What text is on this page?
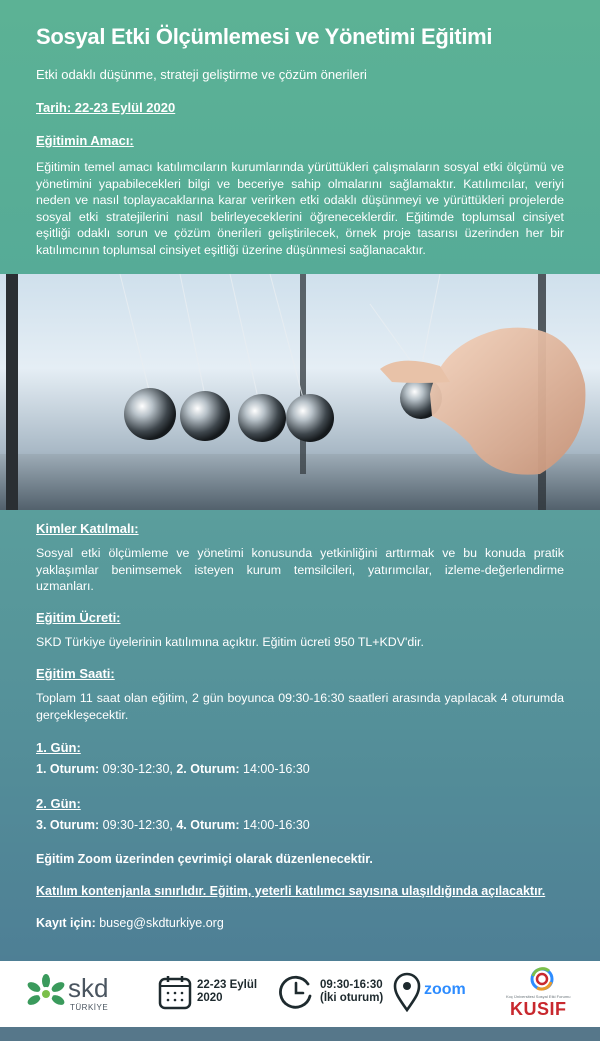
Sosyal Etki Ölçümlemesi ve Yönetimi Eğitimi
Etki odaklı düşünme, strateji geliştirme ve çözüm önerileri
Tarih: 22-23 Eylül 2020
Eğitimin Amacı:
Eğitimin temel amacı katılımcıların kurumlarında yürüttükleri çalışmaların sosyal etki ölçümü ve yönetimini yapabilecekleri bilgi ve beceriye sahip olmalarını sağlamaktır. Katılımcılar, veriyi neden ve nasıl toplayacaklarına karar verirken etki odaklı düşünmeyi ve yürüttükleri projelerde sosyal etki stratejilerini nasıl belirleyeceklerini öğreneceklerdir. Eğitimde toplumsal cinsiyet eşitliği odaklı sorun ve çözüm önerileri geliştirilecek, örnek proje tasarısı üzerinden her bir katılımcının toplumsal cinsiyet eşitliği üzerine düşünmesi sağlanacaktır.
Kimler Katılmalı:
Sosyal etki ölçümleme ve yönetimi konusunda yetkinliğini arttırmak ve bu konuda pratik yaklaşımlar benimsemek isteyen kurum temsilcileri, yatırımcılar, izleme-değerlendirme uzmanları.
Eğitim Ücreti:
SKD Türkiye üyelerinin katılımına açıktır. Eğitim ücreti 950 TL+KDV'dir.
Eğitim Saati:
Toplam 11 saat olan eğitim, 2 gün boyunca 09:30-16:30 saatleri arasında yapılacak 4 oturumda gerçekleşecektir.
1. Gün:
1. Oturum: 09:30-12:30, 2. Oturum: 14:00-16:30
2. Gün:
3. Oturum: 09:30-12:30, 4. Oturum: 14:00-16:30
Eğitim Zoom üzerinden çevrimiçi olarak düzenlenecektir.
Katılım kontenjanla sınırlıdır. Eğitim, yeterli katılımcı sayısına ulaşıldığında açılacaktır.
Kayıt için: buseg@skdturkiye.org
skd
TÜRKİYE
22-23 Eylül
2020
09:30-16:30
(İki oturum)	zoom	Koç Üniversitesi Sosyal Etki Forumu
KUSIF
